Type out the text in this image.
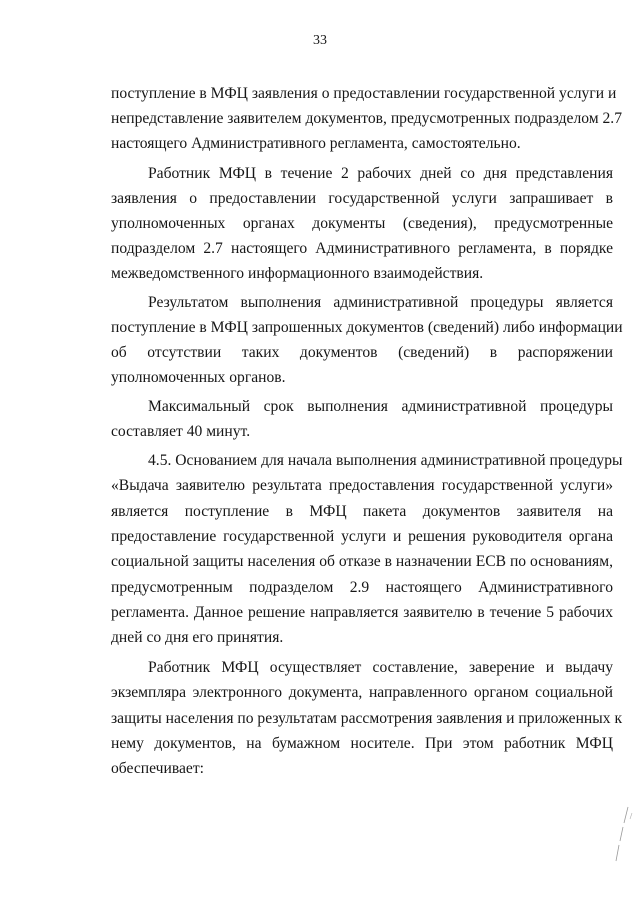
33
поступление в МФЦ заявления о предоставлении государственной услуги и
непредставление заявителем документов, предусмотренных подразделом 2.7
настоящего Административного регламента, самостоятельно.
Работник МФЦ в течение 2 рабочих дней со дня представления
заявления о предоставлении государственной услуги запрашивает в
уполномоченных органах документы (сведения), предусмотренные
подразделом 2.7 настоящего Административного регламента, в порядке
межведомственного информационного взаимодействия.
Результатом выполнения административной процедуры является
поступление в МФЦ запрошенных документов (сведений) либо информации
об отсутствии таких документов (сведений) в распоряжении
уполномоченных органов.
Максимальный срок выполнения административной процедуры
составляет 40 минут.
4.5. Основанием для начала выполнения административной процедуры
«Выдача заявителю результата предоставления государственной услуги»
является поступление в МФЦ пакета документов заявителя на
предоставление государственной услуги и решения руководителя органа
социальной защиты населения об отказе в назначении ЕСВ по основаниям,
предусмотренным подразделом 2.9 настоящего Административного
регламента. Данное решение направляется заявителю в течение 5 рабочих
дней со дня его принятия.
Работник МФЦ осуществляет составление, заверение и выдачу
экземпляра электронного документа, направленного органом социальной
защиты населения по результатам рассмотрения заявления и приложенных к
нему документов, на бумажном носителе. При этом работник МФЦ
обеспечивает:
